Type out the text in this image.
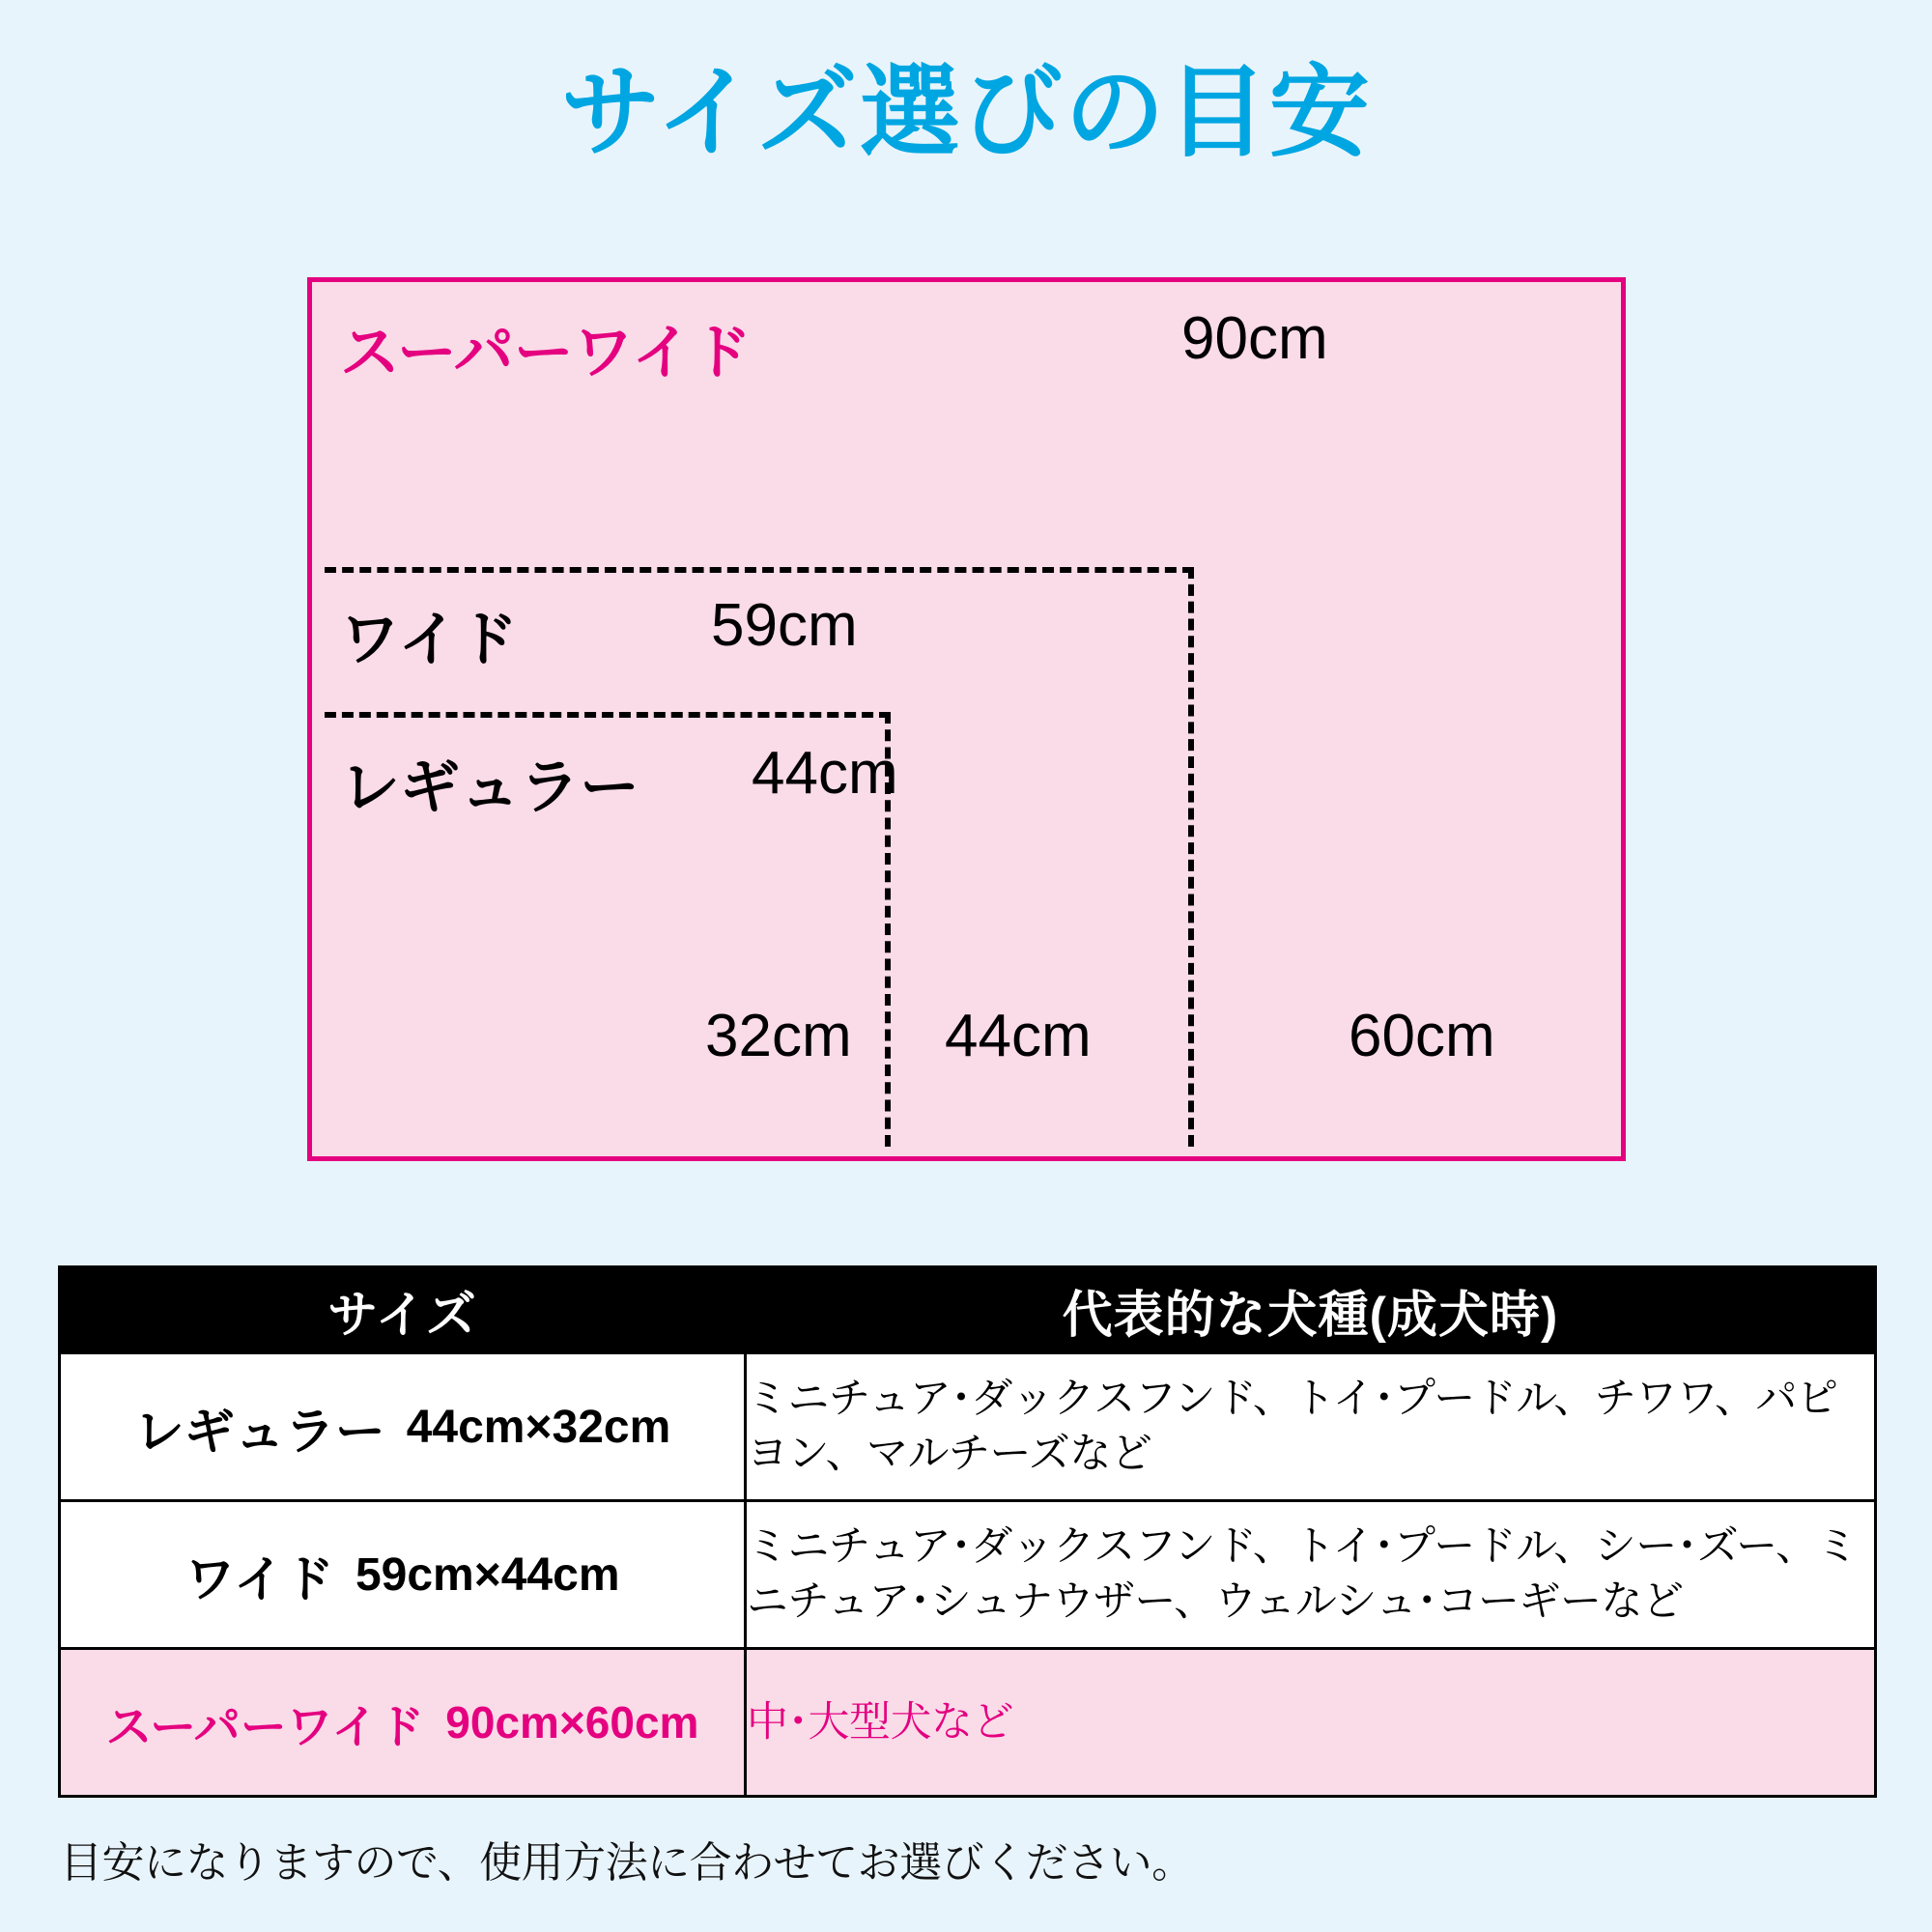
サイズ選びの目安
スーパーワイド	90cm
ワイド	59cm
レギュラー 44cm
32cm 44cm	60cm
サイズ	代表的な犬種(成犬時)

レギュラー 44cm×32cm	ミニチュア･ダックスフンド、トイ･プードル、チワワ、パピヨン、マルチーズなど

ワイド 59cm×44cm	ミニチュア･ダックスフンド、トイ･プードル、シー･ズー、ミニチュア･シュナウザー、ウェルシュ･コーギーなど

スーパーワイド 90cm×60cm	中･大型犬など
目安になりますので、使用方法に合わせてお選びください。
